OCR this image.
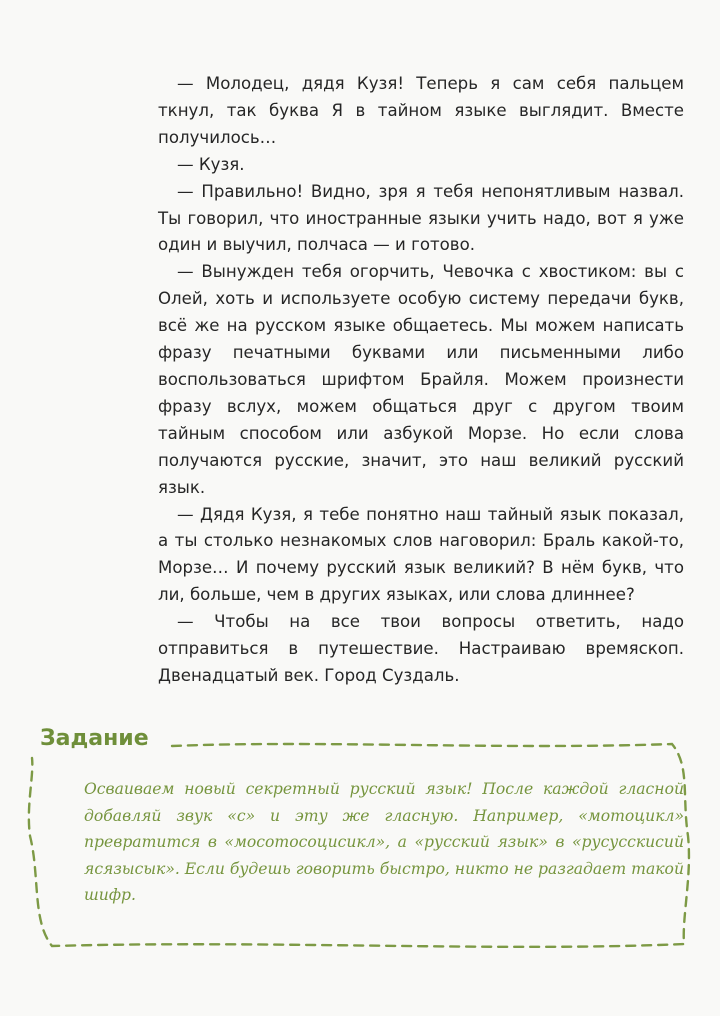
— Молодец, дядя Кузя! Теперь я сам себя пальцем ткнул, так буква Я в тайном языке выглядит. Вместе получилось…

— Кузя.

— Правильно! Видно, зря я тебя непонятливым назвал. Ты говорил, что иностранные языки учить надо, вот я уже один и выучил, полчаса — и готово.

— Вынужден тебя огорчить, Чевочка с хвостиком: вы с Олей, хоть и используете особую систему передачи букв, всё же на русском языке общаетесь. Мы можем написать фразу печатными буквами или письменными либо воспользоваться шрифтом Брайля. Можем произнести фразу вслух, можем общаться друг с другом твоим тайным способом или азбукой Морзе. Но если слова получаются русские, значит, это наш великий русский язык.

— Дядя Кузя, я тебе понятно наш тайный язык показал, а ты столько незнакомых слов наговорил: Браль какой-то, Морзе… И почему русский язык великий? В нём букв, что ли, больше, чем в других языках, или слова длиннее?

— Чтобы на все твои вопросы ответить, надо отправиться в путешествие. Настраиваю времяскоп. Двенадцатый век. Город Суздаль.

Задание
Осваиваем новый секретный русский язык! После каждой гласной добавляй звук «с» и эту же гласную. Например, «мотоцикл» превратится в «мосотосоцисикл», а «русский язык» в «русусскисий ясязысык». Если будешь говорить быстро, никто не разгадает такой шифр.
